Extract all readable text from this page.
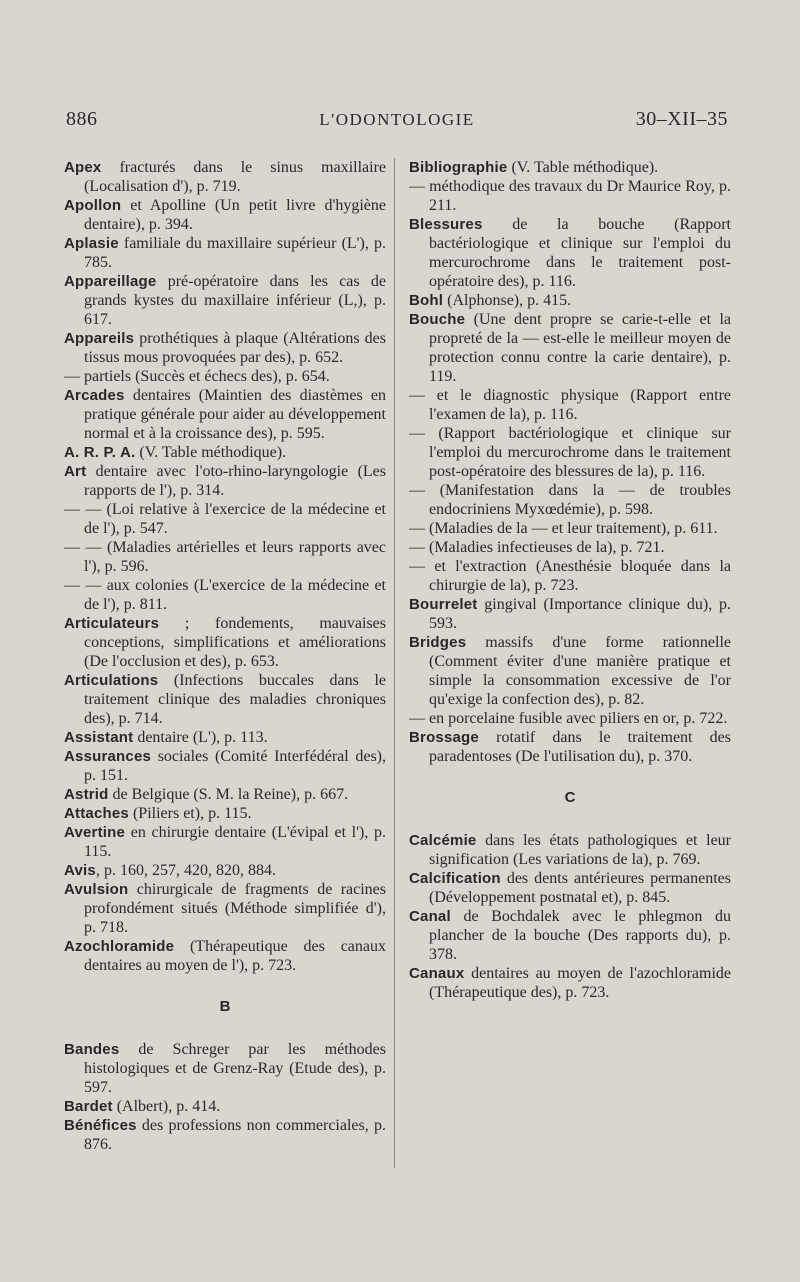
886	L'ODONTOLOGIE	30–XII–35
Apex fracturés dans le sinus maxillaire (Localisation d'), p. 719.
Apollon et Apolline (Un petit livre d'hygiène dentaire), p. 394.
Aplasie familiale du maxillaire supérieur (L'), p. 785.
Appareillage pré-opératoire dans les cas de grands kystes du maxillaire inférieur (L,), p. 617.
Appareils prothétiques à plaque (Altérations des tissus mous provoquées par des), p. 652.
— partiels (Succès et échecs des), p. 654.
Arcades dentaires (Maintien des diastèmes en pratique générale pour aider au développement normal et à la croissance des), p. 595.
A. R. P. A. (V. Table méthodique).
Art dentaire avec l'oto-rhino-laryngologie (Les rapports de l'), p. 314.
— — (Loi relative à l'exercice de la médecine et de l'), p. 547.
— — (Maladies artérielles et leurs rapports avec l'), p. 596.
— — aux colonies (L'exercice de la médecine et de l'), p. 811.
Articulateurs ; fondements, mauvaises conceptions, simplifications et améliorations (De l'occlusion et des), p. 653.
Articulations (Infections buccales dans le traitement clinique des maladies chroniques des), p. 714.
Assistant dentaire (L'), p. 113.
Assurances sociales (Comité Interfédéral des), p. 151.
Astrid de Belgique (S. M. la Reine), p. 667.
Attaches (Piliers et), p. 115.
Avertine en chirurgie dentaire (L'évipal et l'), p. 115.
Avis, p. 160, 257, 420, 820, 884.
Avulsion chirurgicale de fragments de racines profondément situés (Méthode simplifiée d'), p. 718.
Azochloramide (Thérapeutique des canaux dentaires au moyen de l'), p. 723.
B
Bandes de Schreger par les méthodes histologiques et de Grenz-Ray (Etude des), p. 597.
Bardet (Albert), p. 414.
Bénéfices des professions non commerciales, p. 876.
Bibliographie (V. Table méthodique).
— méthodique des travaux du Dr Maurice Roy, p. 211.
Blessures de la bouche (Rapport bactériologique et clinique sur l'emploi du mercurochrome dans le traitement post-opératoire des), p. 116.
Bohl (Alphonse), p. 415.
Bouche (Une dent propre se carie-t-elle et la propreté de la — est-elle le meilleur moyen de protection connu contre la carie dentaire), p. 119.
— et le diagnostic physique (Rapport entre l'examen de la), p. 116.
— (Rapport bactériologique et clinique sur l'emploi du mercurochrome dans le traitement post-opératoire des blessures de la), p. 116.
— (Manifestation dans la — de troubles endocriniens Myxœdémie), p. 598.
— (Maladies de la — et leur traitement), p. 611.
— (Maladies infectieuses de la), p. 721.
— et l'extraction (Anesthésie bloquée dans la chirurgie de la), p. 723.
Bourrelet gingival (Importance clinique du), p. 593.
Bridges massifs d'une forme rationnelle (Comment éviter d'une manière pratique et simple la consommation excessive de l'or qu'exige la confection des), p. 82.
— en porcelaine fusible avec piliers en or, p. 722.
Brossage rotatif dans le traitement des paradentoses (De l'utilisation du), p. 370.
C
Calcémie dans les états pathologiques et leur signification (Les variations de la), p. 769.
Calcification des dents antérieures permanentes (Développement postnatal et), p. 845.
Canal de Bochdalek avec le phlegmon du plancher de la bouche (Des rapports du), p. 378.
Canaux dentaires au moyen de l'azochloramide (Thérapeutique des), p. 723.
